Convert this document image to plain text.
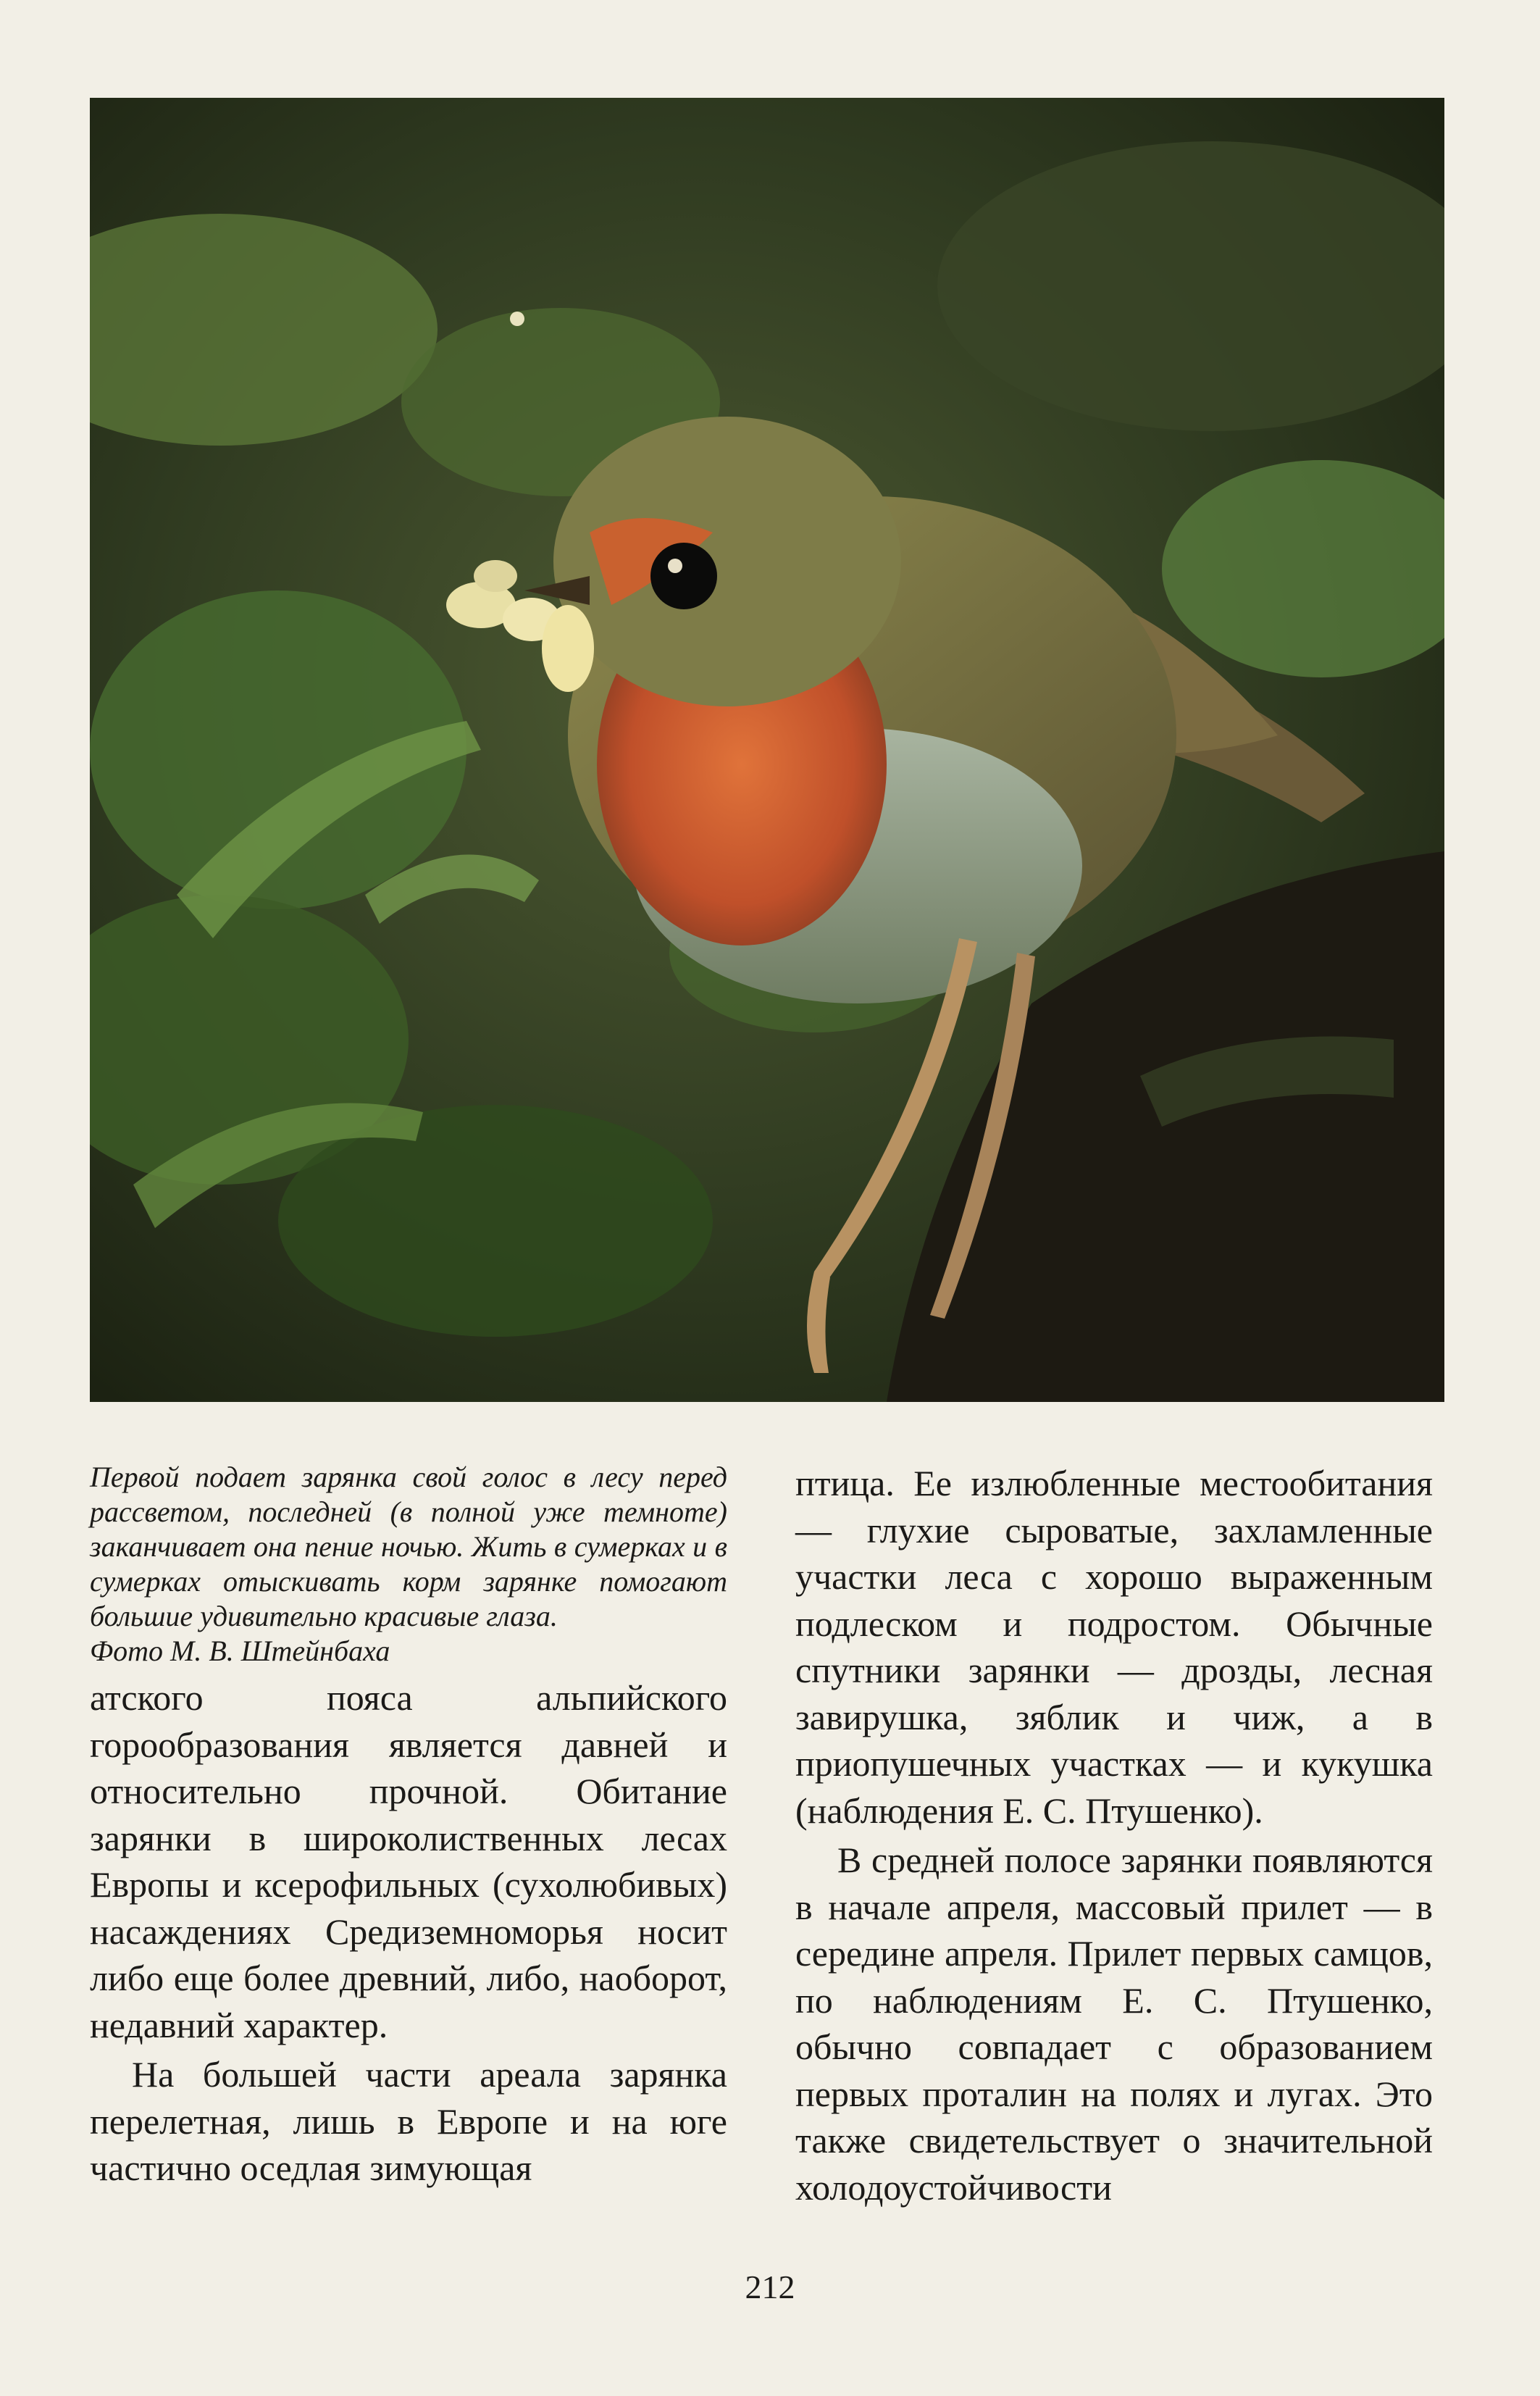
Первой подает зарянка свой голос в лесу перед рассветом, последней (в полной уже темноте) заканчивает она пение ночью. Жить в сумерках и в сумерках отыскивать корм зарянке помогают большие удивительно красивые глаза.
Фото М. В. Штейнбаха

атского пояса альпийского горообразования является давней и относительно прочной. Обитание зарянки в широколиственных лесах Европы и ксерофильных (сухолюбивых) насаждениях Средиземноморья носит либо еще более древний, либо, наоборот, недавний характер.

На большей части ареала зарянка перелетная, лишь в Европе и на юге частично оседлая зимующая

птица. Ее излюбленные местообитания — глухие сыроватые, захламленные участки леса с хорошо выраженным подлеском и подростом. Обычные спутники зарянки — дрозды, лесная завирушка, зяблик и чиж, а в приопушечных участках — и кукушка (наблюдения Е. С. Птушенко).

В средней полосе зарянки появляются в начале апреля, массовый прилет — в середине апреля. Прилет первых самцов, по наблюдениям Е. С. Птушенко, обычно совпадает с образованием первых проталин на полях и лугах. Это также свидетельствует о значительной холодоустойчивости

212
